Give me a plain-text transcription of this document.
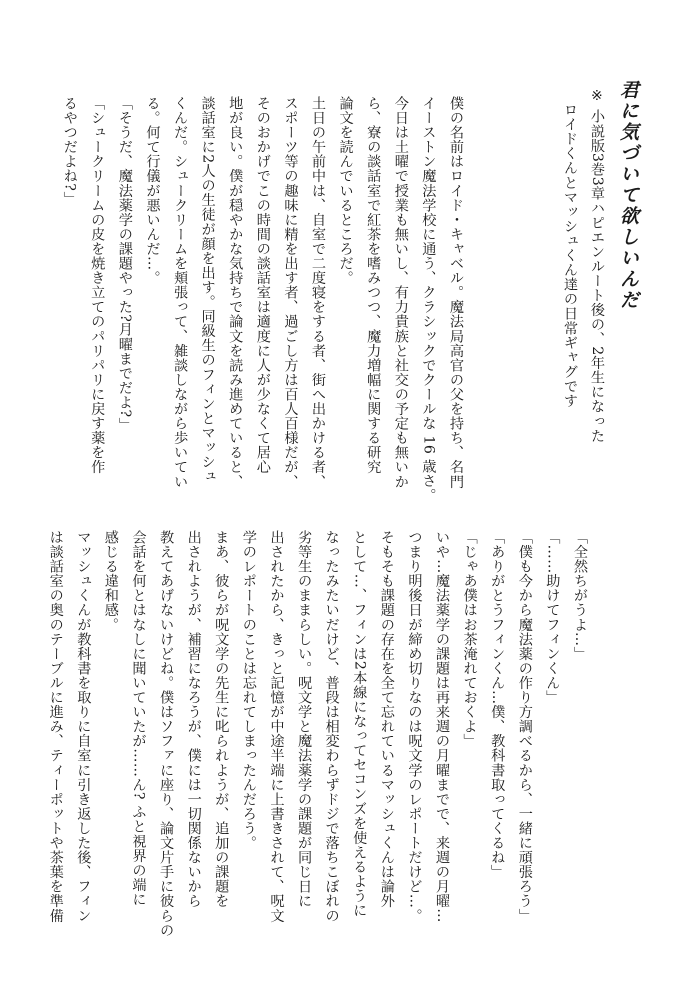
君に気づいて欲しいんだ
※ 小説版3巻3章ハピエンルート後の、2年生になった
　ロイドくんとマッシュくん達の日常ギャグです
僕の名前はロイド・キャベル。魔法局高官の父を持ち、名門
イーストン魔法学校に通う、クラシックでクールな 16 歳さ。
今日は土曜で授業も無いし、有力貴族と社交の予定も無いか
ら、寮の談話室で紅茶を嗜みつつ、魔力増幅に関する研究
論文を読んでいるところだ。
土日の午前中は、自室で二度寝をする者、街へ出かける者、
スポーツ等の趣味に精を出す者、過ごし方は百人百様だが、
そのおかげでこの時間の談話室は適度に人が少なくて居心
地が良い。僕が穏やかな気持ちで論文を読み進めていると、
談話室に2人の生徒が顔を出す。同級生のフィンとマッシュ
くんだ。シュークリームを頬張って、雑談しながら歩いてい
る。何て行儀が悪いんだ…。
「そうだ、魔法薬学の課題やった?月曜までだよ?」
「シュークリームの皮を焼き立てのパリパリに戻す薬を作
るやつだよね?」
「全然ちがうよ…」
「……助けてフィンくん」
「僕も今から魔法薬の作り方調べるから、一緒に頑張ろう」
「ありがとうフィンくん…僕、教科書取ってくるね」
「じゃあ僕はお茶淹れておくよ」
いや…魔法薬学の課題は再来週の月曜までで、来週の月曜…
つまり明後日が締め切りなのは呪文学のレポートだけど…。
そもそも課題の存在を全て忘れているマッシュくんは論外
として…、フィンは2本線になってセコンズを使えるように
なったみたいだけど、普段は相変わらずドジで落ちこぼれの
劣等生のままらしい。呪文学と魔法薬学の課題が同じ日に
出されたから、きっと記憶が中途半端に上書きされて、呪文
学のレポートのことは忘れてしまったんだろう。
まあ、彼らが呪文学の先生に叱られようが、追加の課題を
出されようが、補習になろうが、僕には一切関係ないから
教えてあげないけどね。僕はソファに座り、論文片手に彼らの
会話を何とはなしに聞いていたが……ん? ふと視界の端に
感じる違和感。
マッシュくんが教科書を取りに自室に引き返した後、フィン
は談話室の奥のテーブルに進み、ティーポットや茶葉を準備
